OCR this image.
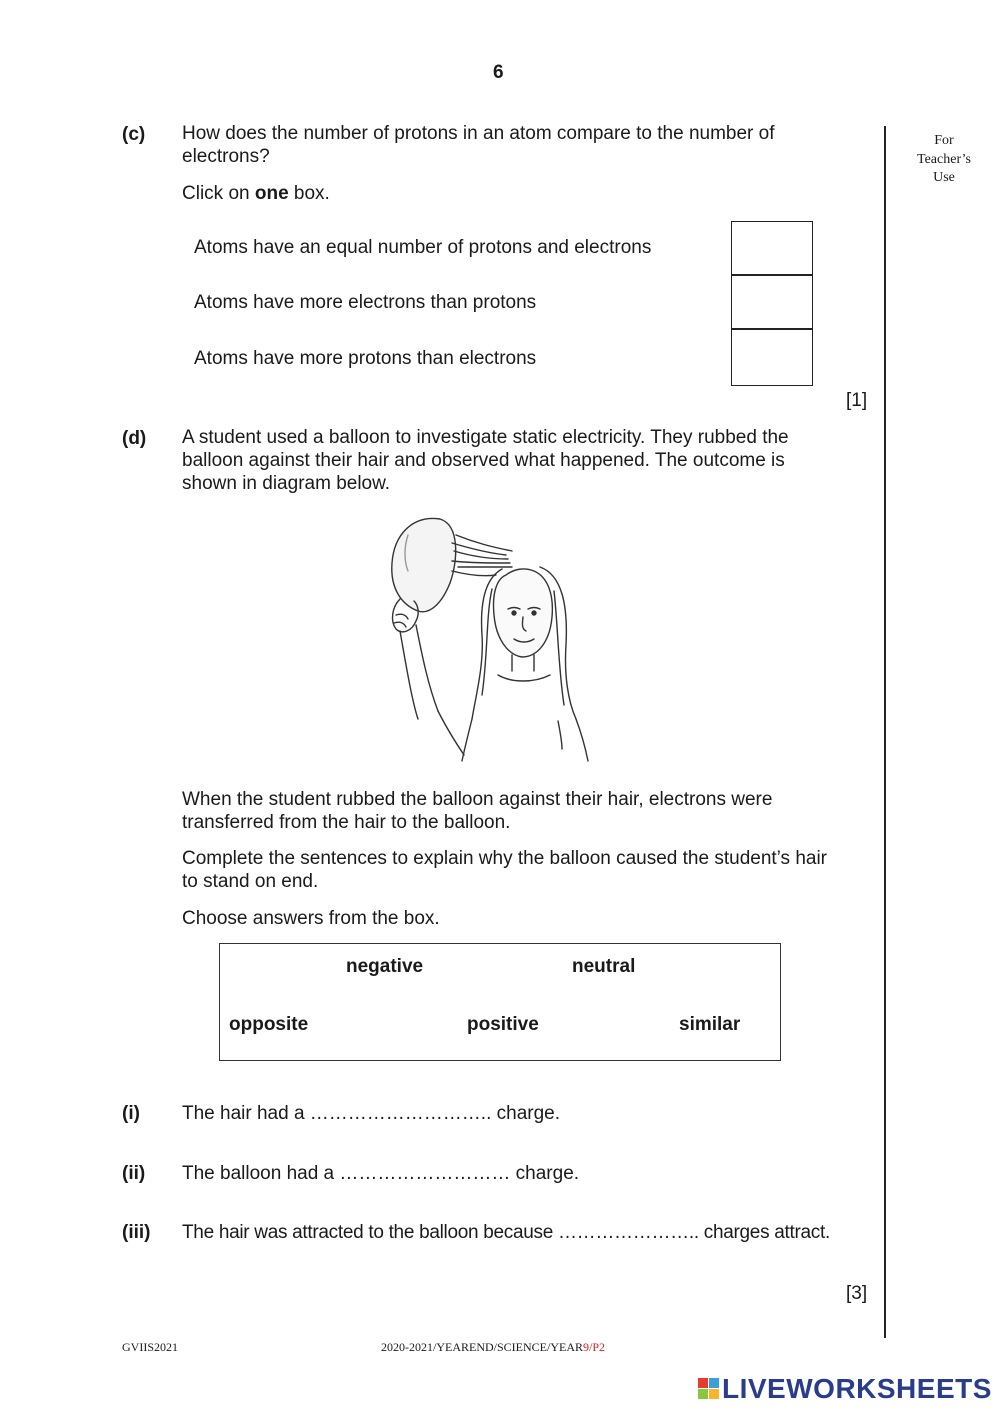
6
For
Teacher’s
Use
(c) How does the number of protons in an atom compare to the number of
electrons?
Click on one box.
Atoms have an equal number of protons and electrons
Atoms have more electrons than protons
Atoms have more protons than electrons
[1]
(d) A student used a balloon to investigate static electricity. They rubbed the
balloon against their hair and observed what happened. The outcome is
shown in diagram below.
When the student rubbed the balloon against their hair, electrons were
transferred from the hair to the balloon.
Complete the sentences to explain why the balloon caused the student’s hair
to stand on end.
Choose answers from the box.
negative	neutral
opposite	positive	similar
(i) The hair had a ……………………….. charge.
(ii) The balloon had a ……………………… charge.
(iii) The hair was attracted to the balloon because ………………….. charges attract.
[3]
GVIIS2021	2020-2021/YEAREND/SCIENCE/YEAR9/P2
LIVEWORKSHEETS
